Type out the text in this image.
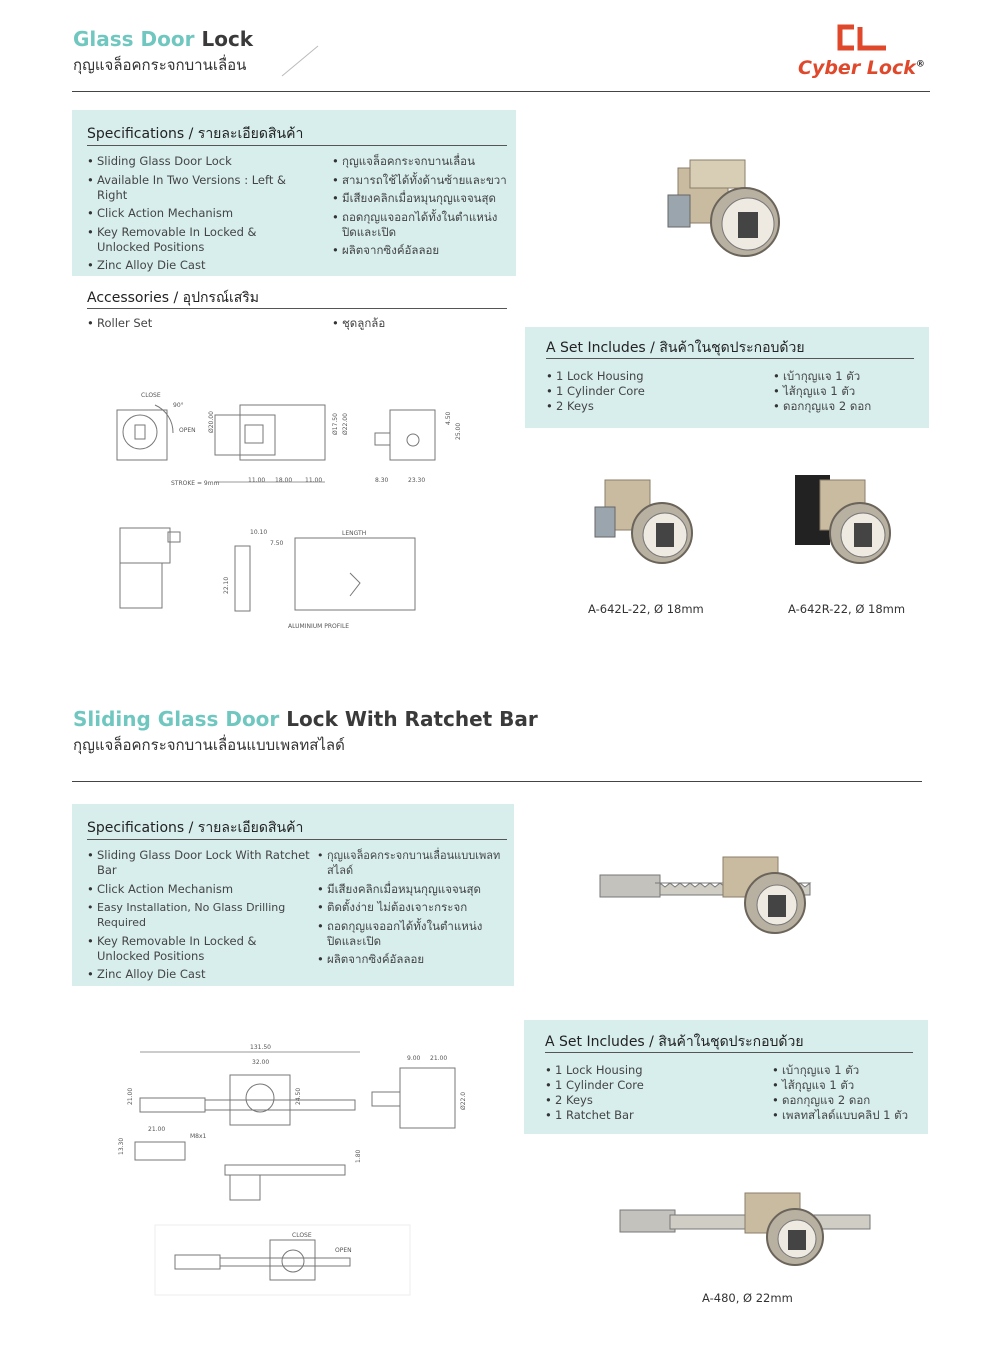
Glass Door Lock
กุญแจล็อคกระจกบานเลื่อน	Cyber Lock®
Specifications / รายละเอียดสินค้า
• Sliding Glass Door Lock
• Available In Two Versions : Left & Right
• Click Action Mechanism
• Key Removable In Locked & Unlocked Positions
• Zinc Alloy Die Cast
• กุญแจล็อคกระจกบานเลื่อน
• สามารถใช้ได้ทั้งด้านซ้ายและขวา
• มีเสียงคลิกเมื่อหมุนกุญแจจนสุด
• ถอดกุญแจออกได้ทั้งในตำแหน่ง ปิดและเปิด
• ผลิตจากซิงค์อัลลอย
Accessories / อุปกรณ์เสริม
• Roller Set
•	ชุดลูกล้อ
A Set Includes / สินค้าในชุดประกอบด้วย
• 1 Lock Housing
• 1 Cylinder Core
• 2 Keys
• เบ้ากุญแจ 1 ตัว
• ไส้กุญแจ 1 ตัว
• ดอกกุญแจ 2 ดอก
CLOSE
OPEN
90°
STROKE = 9mm	11.00 18.00 11.00	8.30	23.30
Ø20.00	Ø17.50 Ø22.00	4.50
25.00
10.10
7.50
22.10
LENGTH
ALUMINIUM PROFILE
A-642L-22, Ø 18mm	A-642R-22, Ø 18mm
Sliding Glass Door Lock With Ratchet Bar
กุญแจล็อคกระจกบานเลื่อนแบบเพลทสไลด์
Specifications / รายละเอียดสินค้า
• Sliding Glass Door Lock With Ratchet Bar
• Click Action Mechanism
• Easy Installation, No Glass Drilling Required
• Key Removable In Locked & Unlocked Positions
• Zinc Alloy Die Cast
• กุญแจล็อคกระจกบานเลื่อนแบบเพลทสไลด์
• มีเสียงคลิกเมื่อหมุนกุญแจจนสุด
• ติดตั้งง่าย ไม่ต้องเจาะกระจก
• ถอดกุญแจออกได้ทั้งในตำแหน่ง ปิดและเปิด
• ผลิตจากซิงค์อัลลอย
A Set Includes / สินค้าในชุดประกอบด้วย
• 1 Lock Housing
• 1 Cylinder Core
• 2 Keys
• 1 Ratchet Bar
• เบ้ากุญแจ 1 ตัว
• ไส้กุญแจ 1 ตัว
• ดอกกุญแจ 2 ดอก
• เพลทสไลด์แบบคลิป 1 ตัว
131.50
32.00
21.00	24.50
9.00 21.00
Ø22.0
21.00
M8x1
13.30
1.80
CLOSE
OPEN
A-480, Ø 22mm
